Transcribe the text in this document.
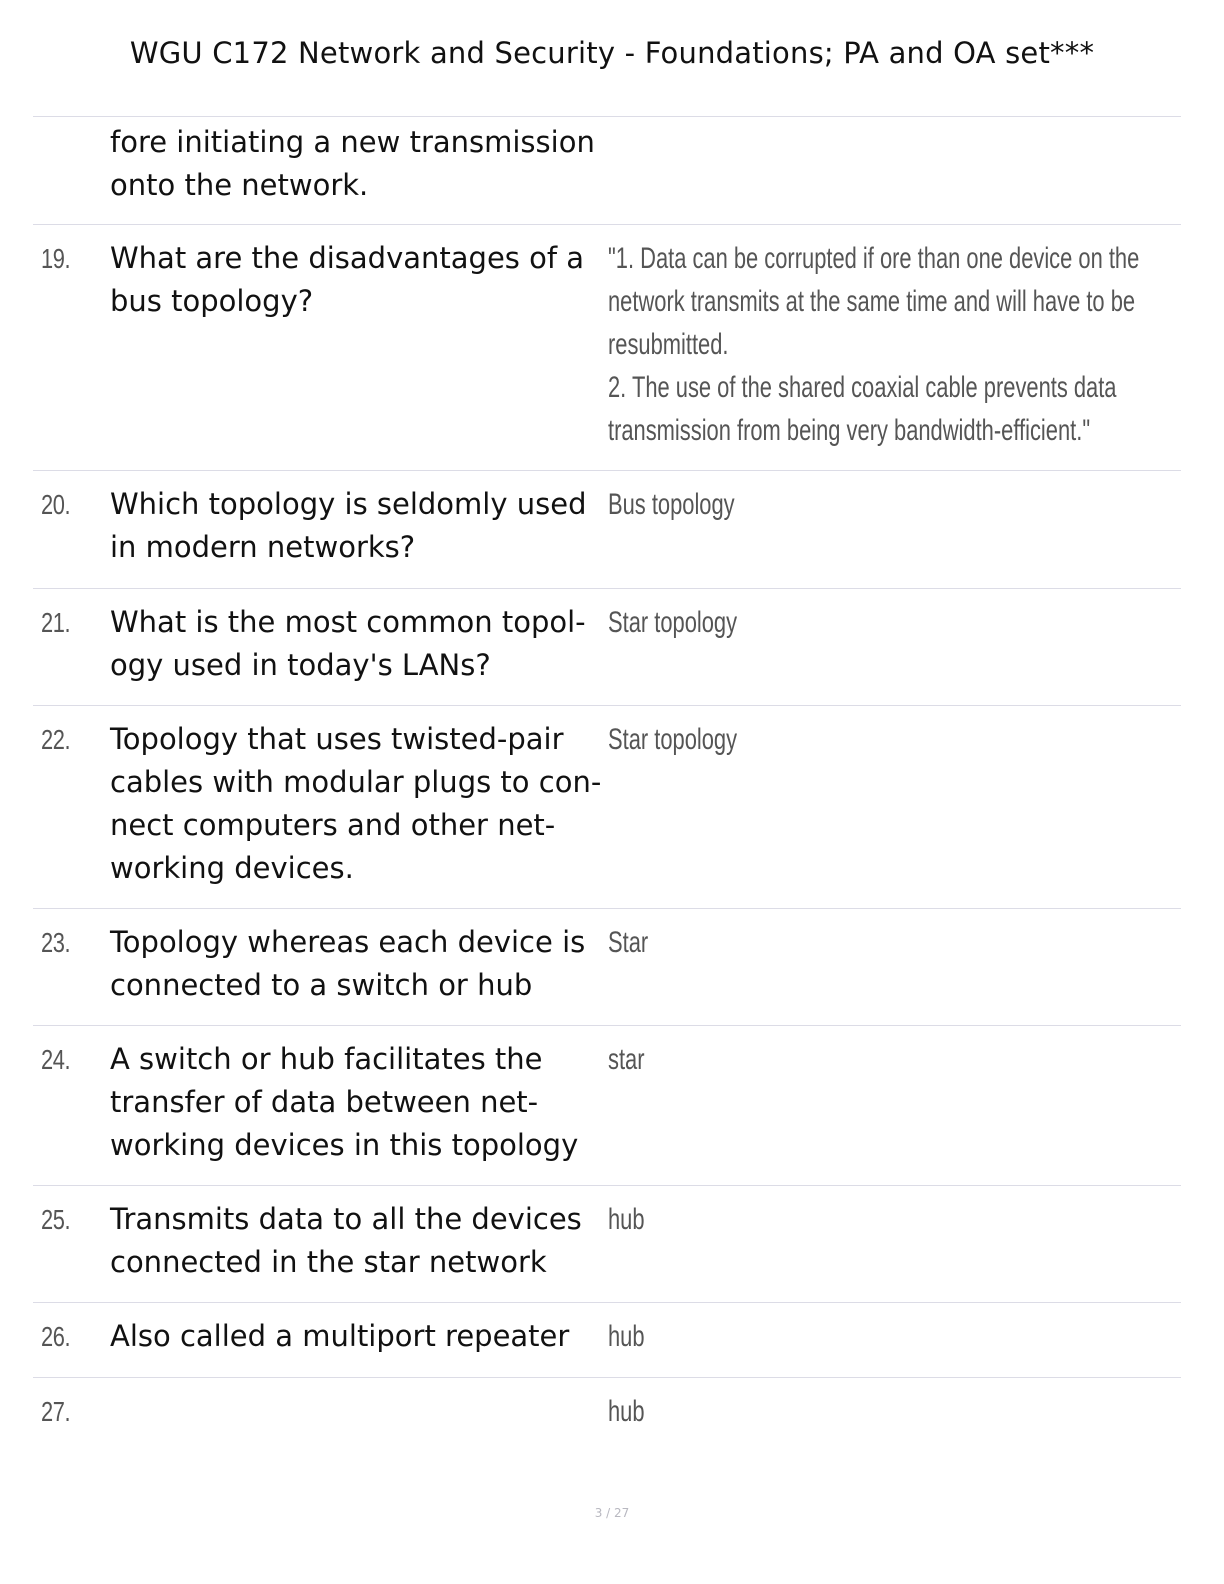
WGU C172 Network and Security - Foundations; PA and OA set***
fore initiating a new transmission
onto the network.
19. What are the disadvantages of a
bus topology?
"1. Data can be corrupted if ore than one device on the
network transmits at the same time and will have to be
resubmitted.
2. The use of the shared coaxial cable prevents data
transmission from being very bandwidth-efficient."
20. Which topology is seldomly used
in modern networks?
Bus topology
21. What is the most common topol-
ogy used in today's LANs?
Star topology
22. Topology that uses twisted-pair
cables with modular plugs to con-
nect computers and other net-
working devices.
Star topology
23. Topology whereas each device is
connected to a switch or hub
Star
24. A switch or hub facilitates the
transfer of data between net-
working devices in this topology
star
25. Transmits data to all the devices
connected in the star network
hub
26. Also called a multiport repeater	hub
27.	hub
3 / 27
